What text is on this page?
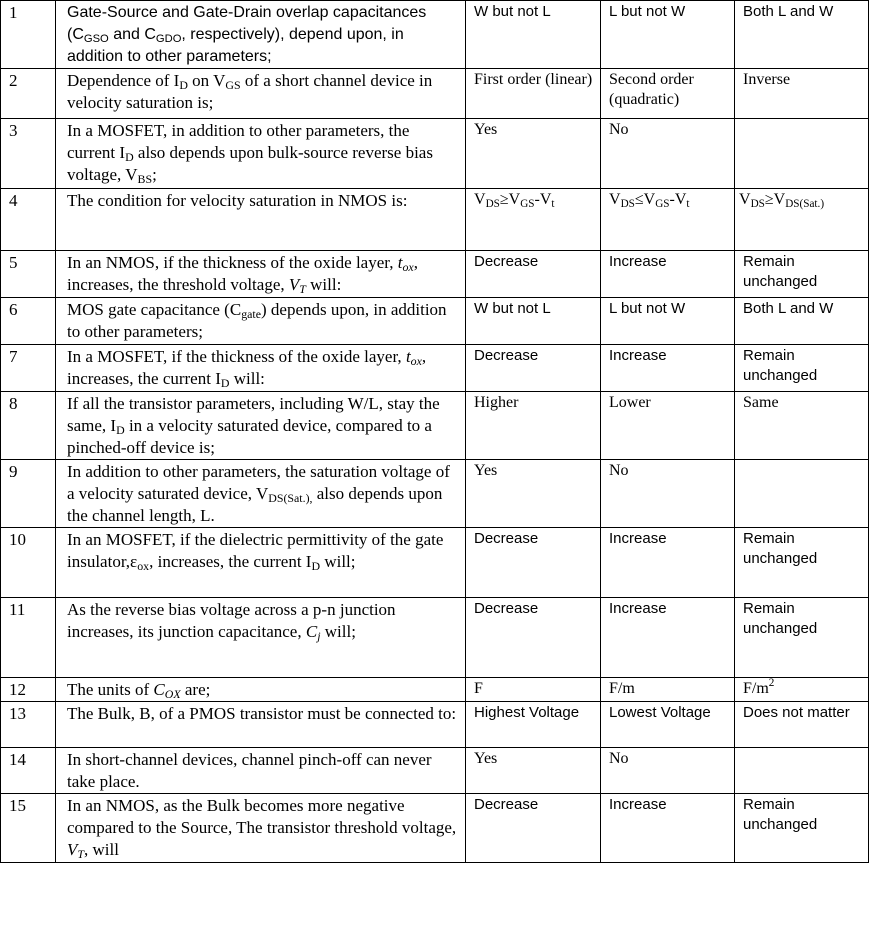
1	Gate-Source and Gate-Drain overlap capacitances ($C_{GSO}$ and $C_{GDO}$, respectively), depend upon, in addition to other parameters;	W but not L	L but not W	Both L and W
2	Dependence of $I_D$ on $V_{GS}$ of a short channel device in velocity saturation is;	First order (linear)	Second order (quadratic)	Inverse
3	In a MOSFET, in addition to other parameters, the current $I_D$ also depends upon bulk-source reverse bias voltage, $V_{BS}$;	Yes	No	
4	The condition for velocity saturation in NMOS is:	$V_{DS}\ge V_{GS}-V_t$	$V_{DS}\le V_{GS}-V_t$	$V_{DS}\ge V_{DS(Sat.)}$
5	In an NMOS, if the thickness of the oxide layer, $t_{ox}$, increases, the threshold voltage, $V_T$ will:	Decrease	Increase	Remain unchanged
6	MOS gate capacitance $(C_{gate})$ depends upon, in addition to other parameters;	W but not L	L but not W	Both L and W
7	In a MOSFET, if the thickness of the oxide layer, $t_{ox}$, increases, the current $I_D$ will:	Decrease	Increase	Remain unchanged
8	If all the transistor parameters, including W/L, stay the same, $I_D$ in a velocity saturated device, compared to a pinched-off device is;	Higher	Lower	Same
9	In addition to other parameters, the saturation voltage of a velocity saturated device, $V_{DS(Sat.),}$ also depends upon the channel length, L.	Yes	No	
10	In an MOSFET, if the dielectric permittivity of the gate $insulator,\varepsilon_{ox}$, increases, the current $I_D$ will;	Decrease	Increase	Remain unchanged
11	As the reverse bias voltage across a p-n junction increases, its junction capacitance, $C_j$ will;	Decrease	Increase	Remain unchanged
12	The units of $C_{OX}$ are;	F	F/m	$F/m^2$
13	The Bulk, B, of a PMOS transistor must be connected to:	Highest Voltage	Lowest Voltage	Does not matter
14	In short-channel devices, channel pinch-off can never take place.	Yes	No	
15	In an NMOS, as the Bulk becomes more negative compared to the Source, The transistor threshold voltage, $V_T$, will	Decrease	Increase	Remain unchanged
